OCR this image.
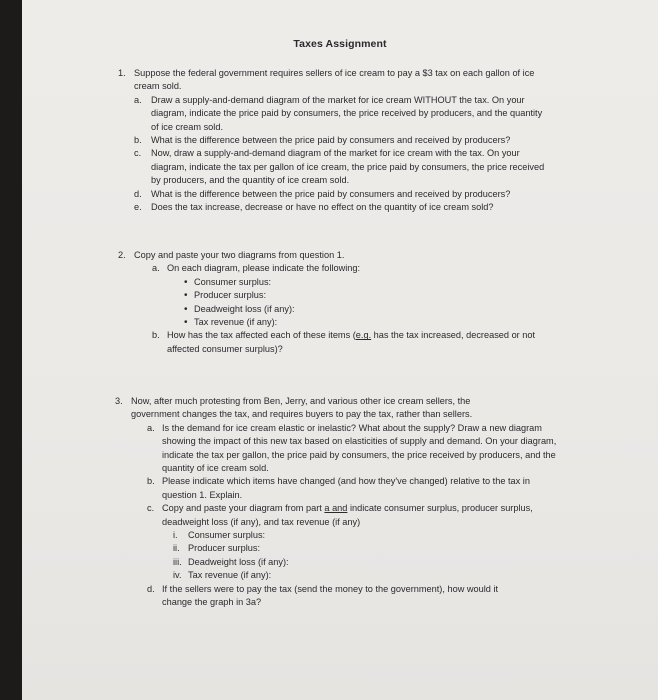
Taxes Assignment
1. Suppose the federal government requires sellers of ice cream to pay a $3 tax on each gallon of ice cream sold.
a.	Draw a supply-and-demand diagram of the market for ice cream WITHOUT the tax. On your diagram, indicate the price paid by consumers, the price received by producers, and the quantity of ice cream sold.
b.	What is the difference between the price paid by consumers and received by producers?
c.	Now, draw a supply-and-demand diagram of the market for ice cream with the tax. On your diagram, indicate the tax per gallon of ice cream, the price paid by consumers, the price received by producers, and the quantity of ice cream sold.
d.	What is the difference between the price paid by consumers and received by producers?
e.	Does the tax increase, decrease or have no effect on the quantity of ice cream sold?
2. Copy and paste your two diagrams from question 1.
a. On each diagram, please indicate the following:
• Consumer surplus:
• Producer surplus:
• Deadweight loss (if any):
• Tax revenue (if any):
b. How has the tax affected each of these items (e.g. has the tax increased, decreased or not affected consumer surplus)?
3. Now, after much protesting from Ben, Jerry, and various other ice cream sellers, the government changes the tax, and requires buyers to pay the tax, rather than sellers.
a. Is the demand for ice cream elastic or inelastic? What about the supply? Draw a new diagram showing the impact of this new tax based on elasticities of supply and demand. On your diagram, indicate the tax per gallon, the price paid by consumers, the price received by producers, and the quantity of ice cream sold.
b. Please indicate which items have changed (and how they've changed) relative to the tax in question 1. Explain.
c. Copy and paste your diagram from part a and indicate consumer surplus, producer surplus, deadweight loss (if any), and tax revenue (if any)
i.	Consumer surplus:
ii. Producer surplus:
iii. Deadweight loss (if any):
iv. Tax revenue (if any):
d. If the sellers were to pay the tax (send the money to the government), how would it change the graph in 3a?
